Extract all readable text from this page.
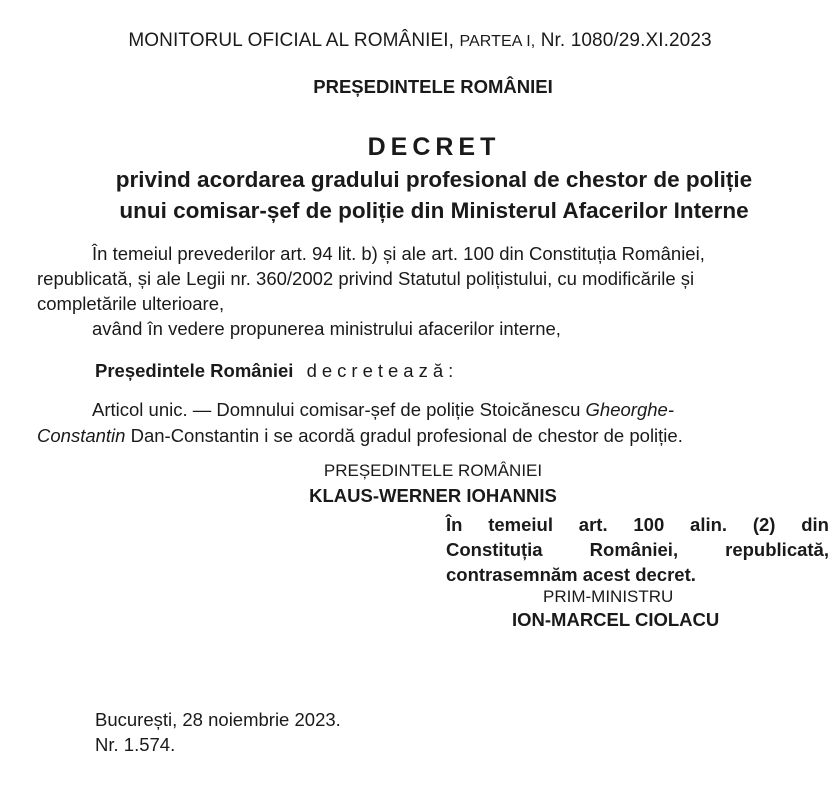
MONITORUL OFICIAL AL ROMÂNIEI, PARTEA I, Nr. 1080/29.XI.2023
PREȘEDINTELE ROMÂNIEI
DECRET
privind acordarea gradului profesional de chestor de poliție
unui comisar-șef de poliție din Ministerul Afacerilor Interne
În temeiul prevederilor art. 94 lit. b) și ale art. 100 din Constituția României,
republicată, și ale Legii nr. 360/2002 privind Statutul polițistului, cu modificările și
completările ulterioare,
având în vedere propunerea ministrului afacerilor interne,
Președintele României decretează:
Articol unic. — Domnului comisar-șef de poliție Stoicănescu Gheorghe-
Constantin Dan-Constantin i se acordă gradul profesional de chestor de poliție.
PREȘEDINTELE ROMÂNIEI
KLAUS-WERNER IOHANNIS
În temeiul art. 100 alin. (2) din
Constituția României, republicată,
contrasemnăm acest decret.
PRIM-MINISTRU
ION-MARCEL CIOLACU
București, 28 noiembrie 2023.
Nr. 1.574.
